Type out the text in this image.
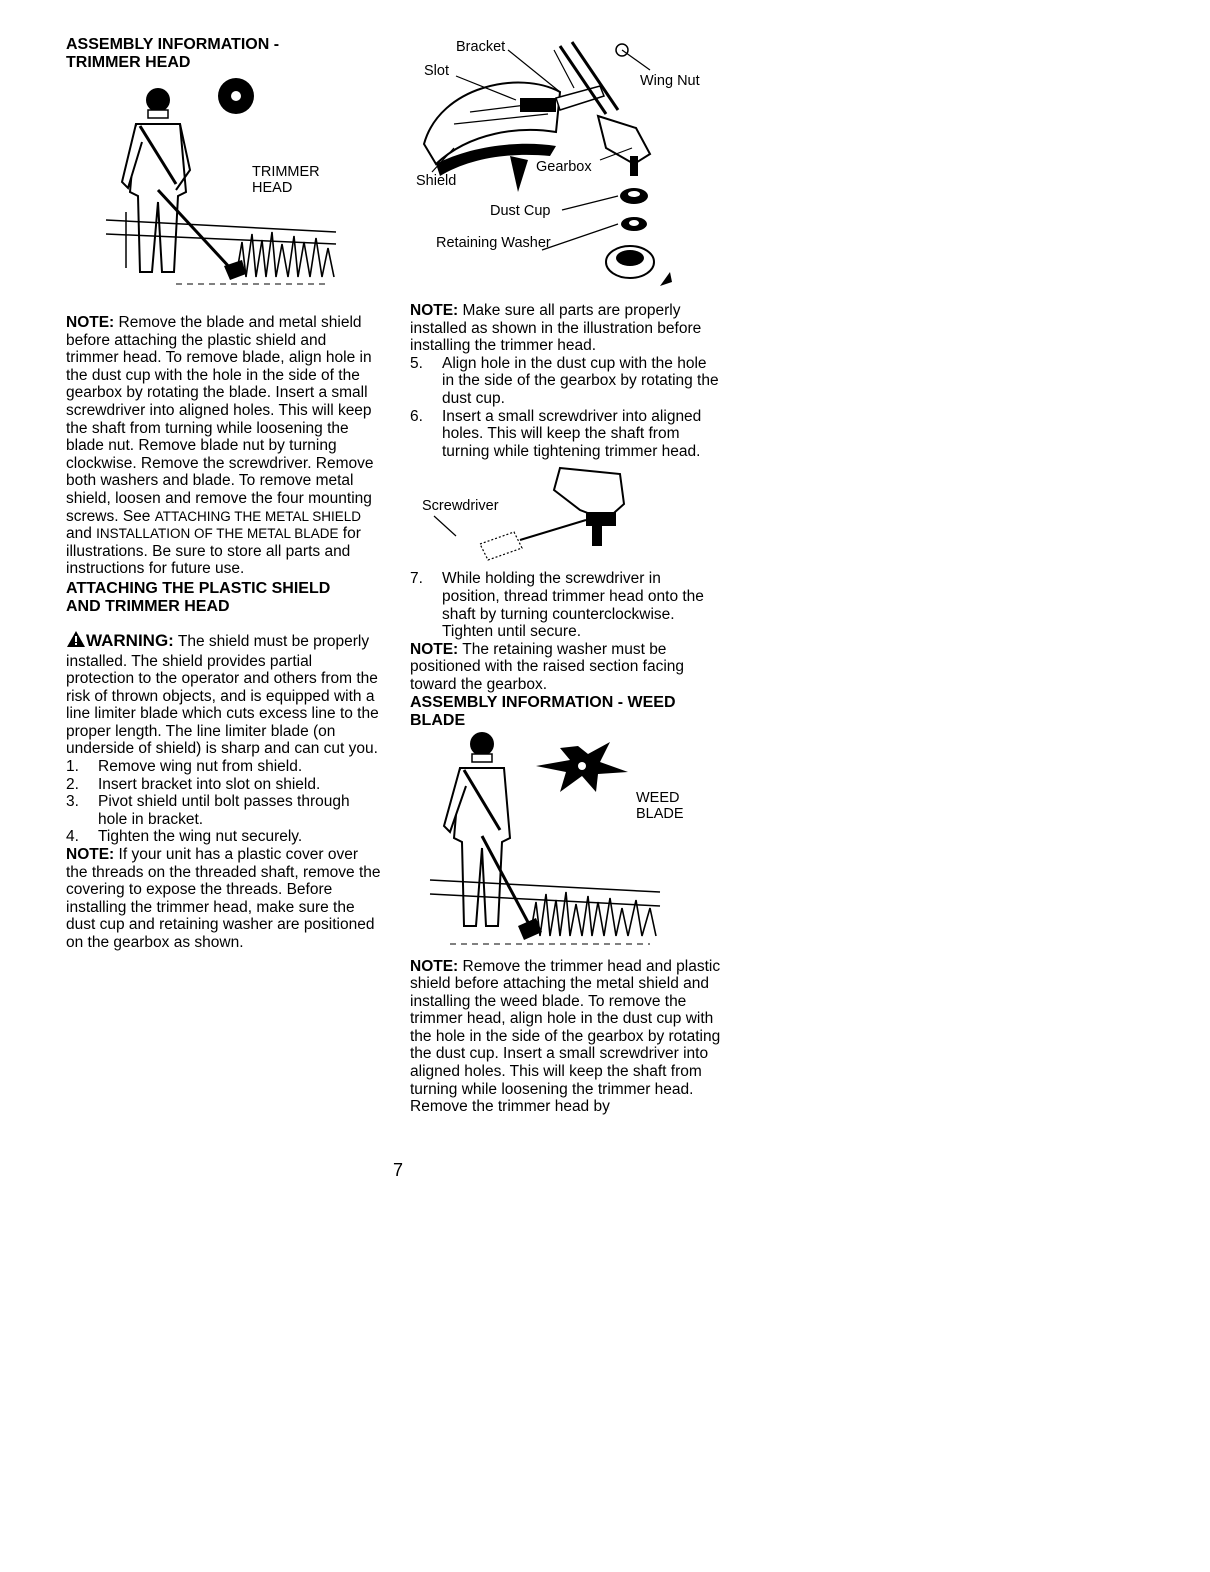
ASSEMBLY INFORMATION -
TRIMMER HEAD
TRIMMER
HEAD

NOTE: Remove the blade and metal shield before attaching the plastic shield and trimmer head. To remove blade, align hole in the dust cup with the hole in the side of the gearbox by rotating the blade. Insert a small screwdriver into aligned holes. This will keep the shaft from turning while loosening the blade nut. Remove blade nut by turning clockwise. Remove the screwdriver. Remove both washers and blade. To remove metal shield, loosen and remove the four mounting screws. See ATTACHING THE METAL SHIELD and INSTALLATION OF THE METAL BLADE for illustrations. Be sure to store all parts and instructions for future use.

ATTACHING THE PLASTIC SHIELD
AND TRIMMER HEAD

WARNING: The shield must be properly installed. The shield provides partial protection to the operator and others from the risk of thrown objects, and is equipped with a line limiter blade which cuts excess line to the proper length. The line limiter blade (on underside of shield) is sharp and can cut you.

1. Remove wing nut from shield.
2. Insert bracket into slot on shield.
3. Pivot shield until bolt passes through hole in bracket.
4. Tighten the wing nut securely.

NOTE: If your unit has a plastic cover over the threads on the threaded shaft, remove the covering to expose the threads. Before installing the trimmer head, make sure the dust cup and retaining washer are positioned on the gearbox as shown.

Bracket
Slot
Wing Nut
Gearbox
Shield
Dust Cup
Retaining Washer

NOTE: Make sure all parts are properly installed as shown in the illustration before installing the trimmer head.

5. Align hole in the dust cup with the hole in the side of the gearbox by rotating the dust cup.
6. Insert a small screwdriver into aligned holes. This will keep the shaft from turning while tightening trimmer head.
Screwdriver
7. While holding the screwdriver in position, thread trimmer head onto the shaft by turning counterclockwise. Tighten until secure.

NOTE: The retaining washer must be positioned with the raised section facing toward the gearbox.

ASSEMBLY INFORMATION - WEED
BLADE
WEED
BLADE

NOTE: Remove the trimmer head and plastic shield before attaching the metal shield and installing the weed blade. To remove the trimmer head, align hole in the dust cup with the hole in the side of the gearbox by rotating the dust cup. Insert a small screwdriver into aligned holes. This will keep the shaft from turning while loosening the trimmer head. Remove the trimmer head by

7
